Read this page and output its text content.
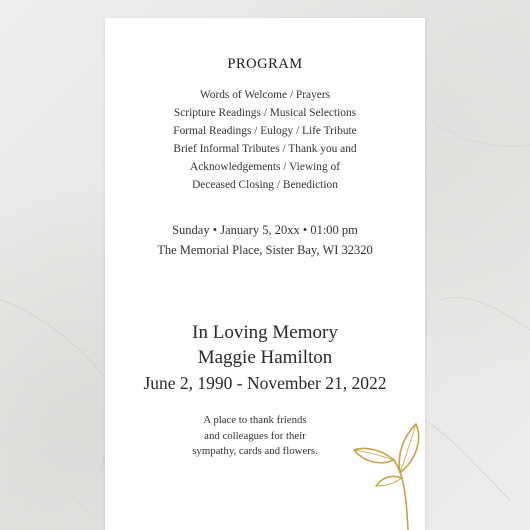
PROGRAM
Words of Welcome / Prayers
Scripture Readings / Musical Selections
Formal Readings / Eulogy / Life Tribute
Brief Informal Tributes / Thank you and
Acknowledgements / Viewing of
Deceased Closing / Benediction
Sunday • January 5, 20xx • 01:00 pm
The Memorial Place, Sister Bay, WI 32320
In Loving Memory
Maggie Hamilton
June 2, 1990 - November 21, 2022
A place to thank friends
and colleagues for their
sympathy, cards and flowers.
